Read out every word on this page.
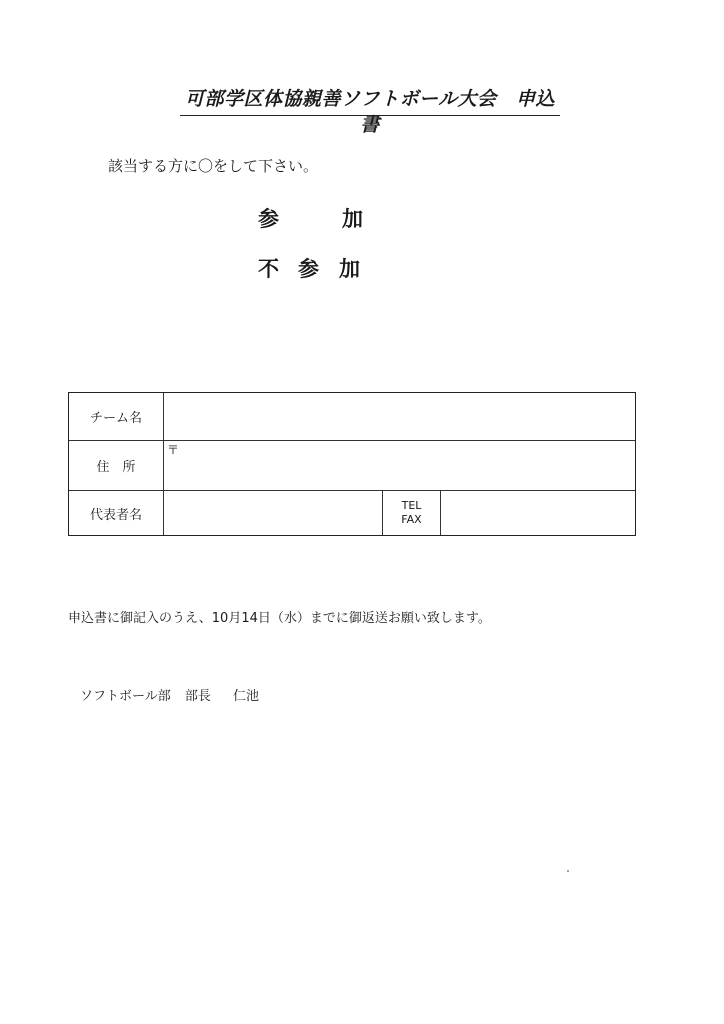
可部学区体協親善ソフトボール大会　申込書
該当する方に〇をして下さい。
参	加
不 参 加
チーム名
住　所
〒
代表者名
TEL
FAX
申込書に御記入のうえ、10月14日（水）までに御返送お願い致します。
ソフトボール部 部長 仁池
